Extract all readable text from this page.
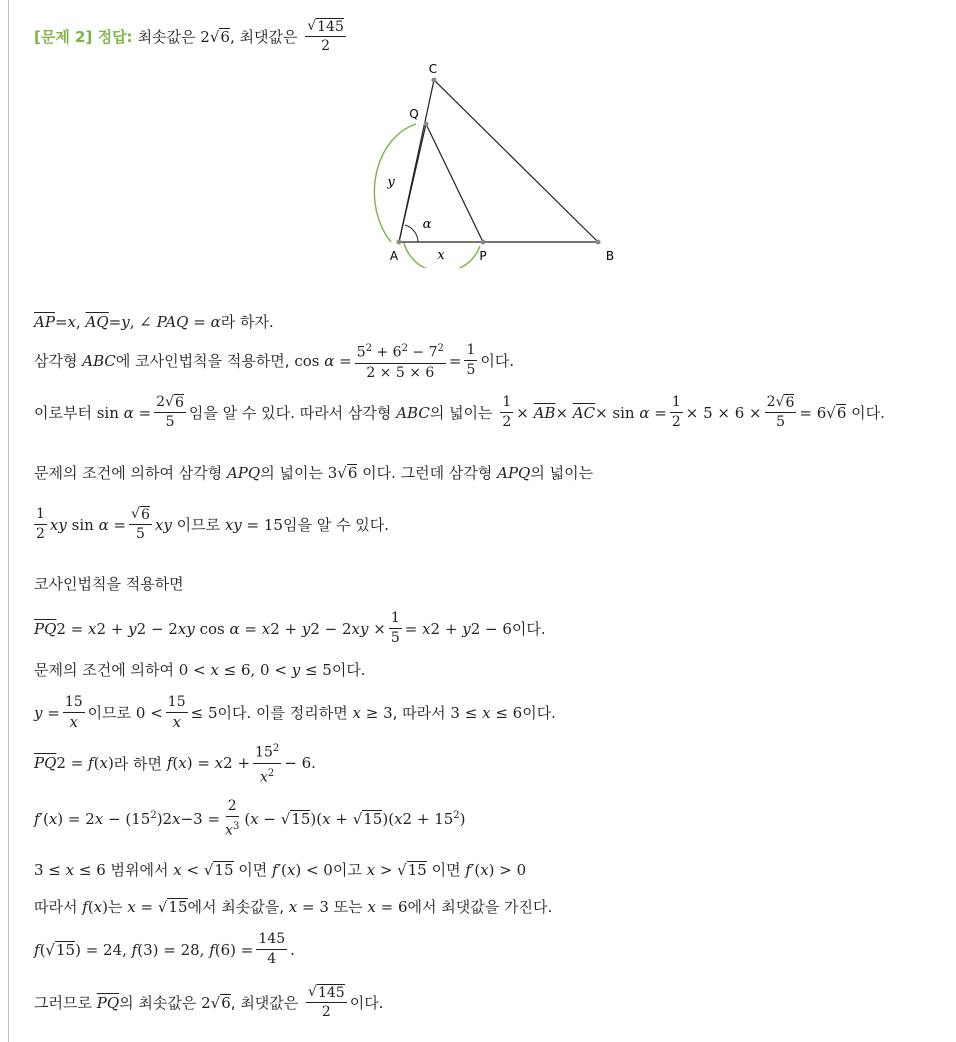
[문제 2] 정답: 최솟값은 2 √ 6 , 최댓값은 $\frac{√ 145}{2}$
C
Q
A	P	B
y
α
x
$\overline{AP} = x$ , $\overline{AQ} = y$ , ∠ PAQ = α 라 하자.
삼각형 ABC 에 코사인법칙을 적용하면, $\cos \alpha = \frac{5^2 + 6^2 - 7^2}{2 \times 5 \times 6} = \frac{1}{5}$ 이다.
이로부터 $\sin \alpha = \frac{2 √ 6}{5}$ 임을 알 수 있다. 따라서 삼각형 ABC 의 넓이는 $\frac{1}{2} \times \overline{AB} \times \overline{AC} \times \sin \alpha = \frac{1}{2} \times 5 \times 6 \times \frac{2 √ 6}{5} = 6$ √ 6 이다.
문제의 조건에 의하여 삼각형 APQ 의 넓이는 3 √ 6 이다. 그런데 삼각형 APQ 의 넓이는
$\frac{1}{2}$ xy $\sin \alpha = \frac{√ 6}{5}$ xy 이므로 xy = 15 임을 알 수 있다.
코사인법칙을 적용하면
$\overline{PQ}$ 2 = x 2 + y 2 − 2 xy cos α = x 2 + y 2 − 2 xy × $\frac{1}{5} = x$ 2 + y 2 − 6 이다.
문제의 조건에 의하여 0 < x ≤ 6, 0 < y ≤ 5 이다.
$y = \frac{15}{x}$ 이므로 $0 < \frac{15}{x} \le 5$ 이다. 이를 정리하면 x ≥ 3 , 따라서 3 ≤ x ≤ 6 이다.
$\overline{PQ}$ 2 = f ( x ) 라 하면 f ( x ) = x $2 + \frac{15^2}{x^2} - 6$.
f′ ( x ) = 2 $x - (15^2)2$ $x -3 = \frac{2}{x^3}$ ( x − √ 15 )( x + √ 15 )( x $2 + 15^2$)
3 ≤ x ≤ 6 범위에서 x < √ 15 이면 f′ ( x ) < 0 이고 x > √ 15 이면 f′ ( x ) > 0
따라서 f ( x ) 는 x = √ 15 에서 최솟값을, x = 3 또는 x = 6 에서 최댓값을 가진다.
f ( √ 15 ) = 24, f (3) = 28, f $(6) = \frac{145}{4}$ .
그러므로 $\overline{PQ}$ 의 최솟값은 2 √ 6 , 최댓값은 $\frac{√ 145}{2}$ 이다.
